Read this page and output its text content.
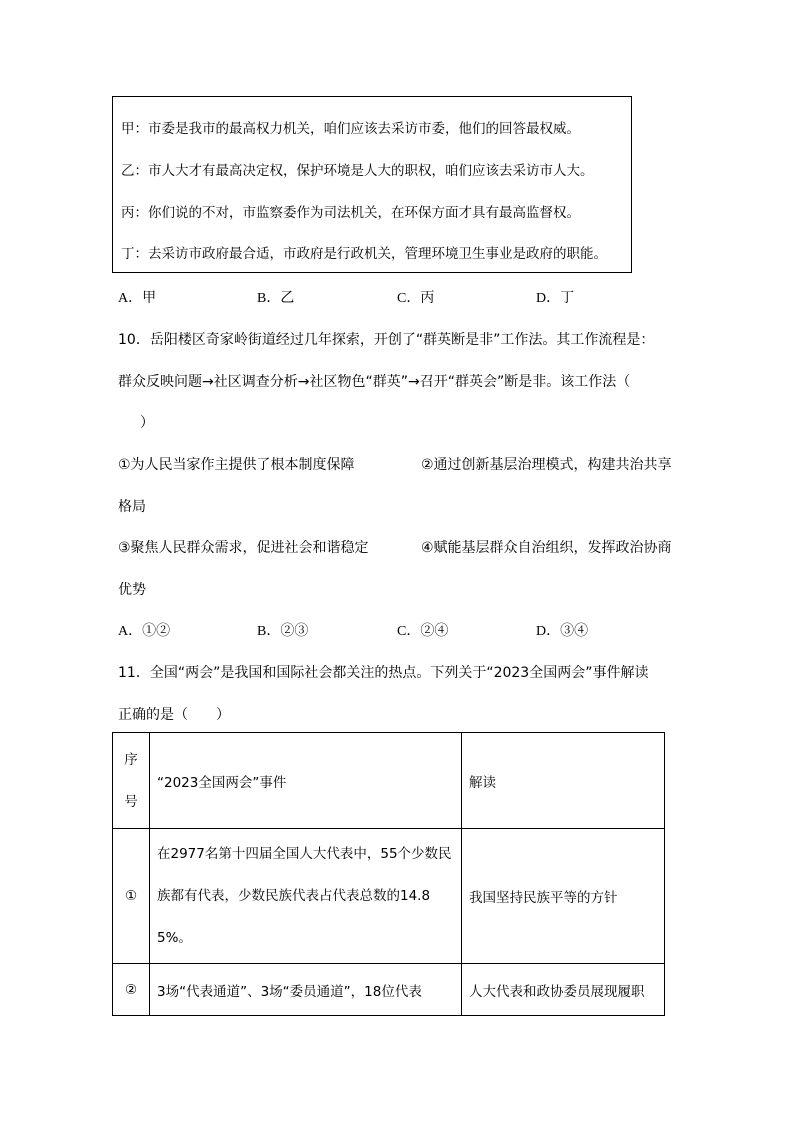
甲：市委是我市的最高权力机关，咱们应该去采访市委，他们的回答最权威。

乙：市人大才有最高决定权，保护环境是人大的职权，咱们应该去采访市人大。

丙：你们说的不对，市监察委作为司法机关，在环保方面才具有最高监督权。

丁：去采访市政府最合适，市政府是行政机关，管理环境卫生事业是政府的职能。

A．甲	B．乙	C．丙	D．丁

10．岳阳楼区奇家岭街道经过几年探索，开创了“群英断是非”工作法。其工作流程是：

群众反映问题→社区调查分析→社区物色“群英”→召开“群英会”断是非。该工作法（

）

①为人民当家作主提供了根本制度保障	②通过创新基层治理模式，构建共治共享

格局

③聚焦人民群众需求，促进社会和谐稳定	④赋能基层群众自治组织，发挥政治协商

优势

A．①②	B．②③	C．②④	D．③④

11．全国“两会”是我国和国际社会都关注的热点。下列关于“2023全国两会”事件解读

正确的是（　　）

序号	“2023全国两会”事件	解读
①	在2977名第十四届全国人大代表中，55个少数民族都有代表，少数民族代表占代表总数的14.85%。	我国坚持民族平等的方针
②	3场“代表通道”、3场“委员通道”，18位代表	人大代表和政协委员展现履职
